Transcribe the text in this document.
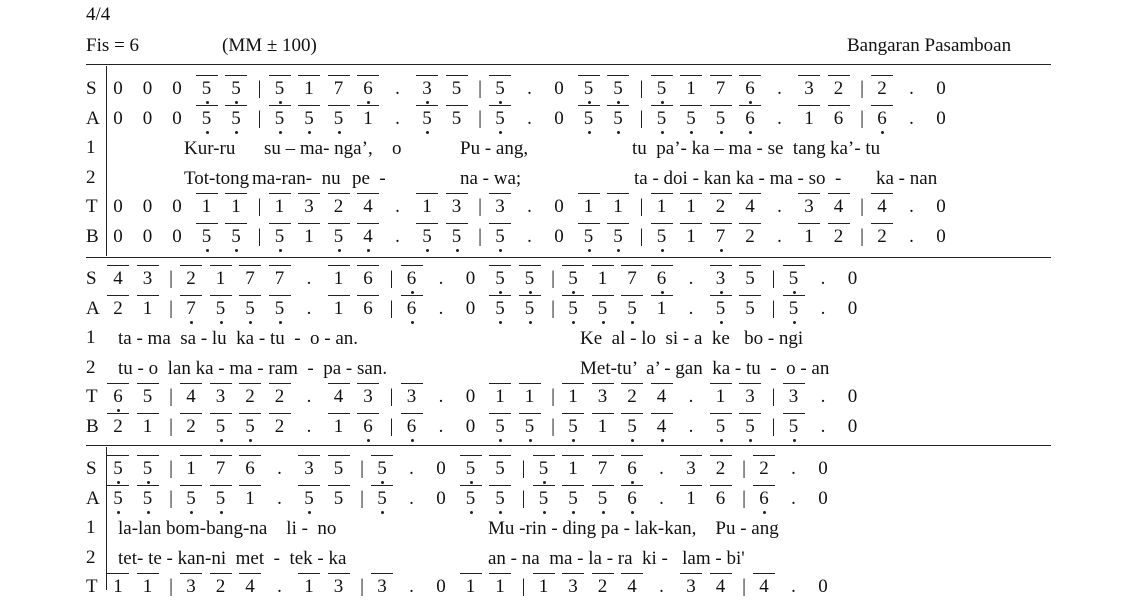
4/4
Fis = 6	(MM ± 100)	Bangaran Pasamboan
S 0 0 0 5 5 | 5 1 7 6 . 3 5 | 5 . 0 5 5 | 5 1 7 6 . 3 2 | 2 . 0
A 0 0 0 5 5 | 5 5 5 1 . 5 5 | 5 . 0 5 5 | 5 5 5 6 . 1 6 | 6 . 0
1	Kur-ru su – ma- nga’, o	Pu - ang,	tu  pa’- ka – ma - se  tang ka’- tu
2	Tot-tong ma-ran-  nu pe  -	na - wa;	ta - doi - kan ka - ma - so  - ka - nan
T 0 0 0 1 1 | 1 3 2 4 . 1 3 | 3 . 0 1 1 | 1 1 2 4 . 3 4 | 4 . 0
B 0 0 0 5 5 | 5 1 5 4 . 5 5 | 5 . 0 5 5 | 5 1 7 2 . 1 2 | 2 . 0
S 4 3 | 2 1 7 7 . 1 6 | 6 . 0 5 5 | 5 1 7 6 . 3 5 | 5 . 0
A 2 1 | 7 5 5 5 . 1 6 | 6 . 0 5 5 | 5 5 5 1 . 5 5 | 5 . 0
1	ta - ma  sa - lu  ka - tu  -  o - an.	Ke  al - lo  si - a  ke   bo - ngi
2	tu - o  lan ka - ma - ram  -  pa - san.	Met-tu’  a’ - gan  ka - tu  -  o - an
T 6 5 | 4 3 2 2 . 4 3 | 3 . 0 1 1 | 1 3 2 4 . 1 3 | 3 . 0
B 2 1 | 2 5 5 2 . 1 6 | 6 . 0 5 5 | 5 1 5 4 . 5 5 | 5 . 0
S 5 5 | 1 7 6 . 3 5 | 5 . 0 5 5 | 5 1 7 6 . 3 2 | 2 . 0
A 5 5 | 5 5 1 . 5 5 | 5 . 0 5 5 | 5 5 5 6 . 1 6 | 6 . 0
1	la-lan bom-bang-na    li -  no	Mu -rin - ding pa - lak-kan,    Pu - ang
2	tet- te - kan-ni  met  -  tek - ka	an - na  ma - la - ra  ki -   lam - bi'
T 1 1 | 3 2 4 . 1 3 | 3 . 0 1 1 | 1 3 2 4 . 3 4 | 4 . 0
